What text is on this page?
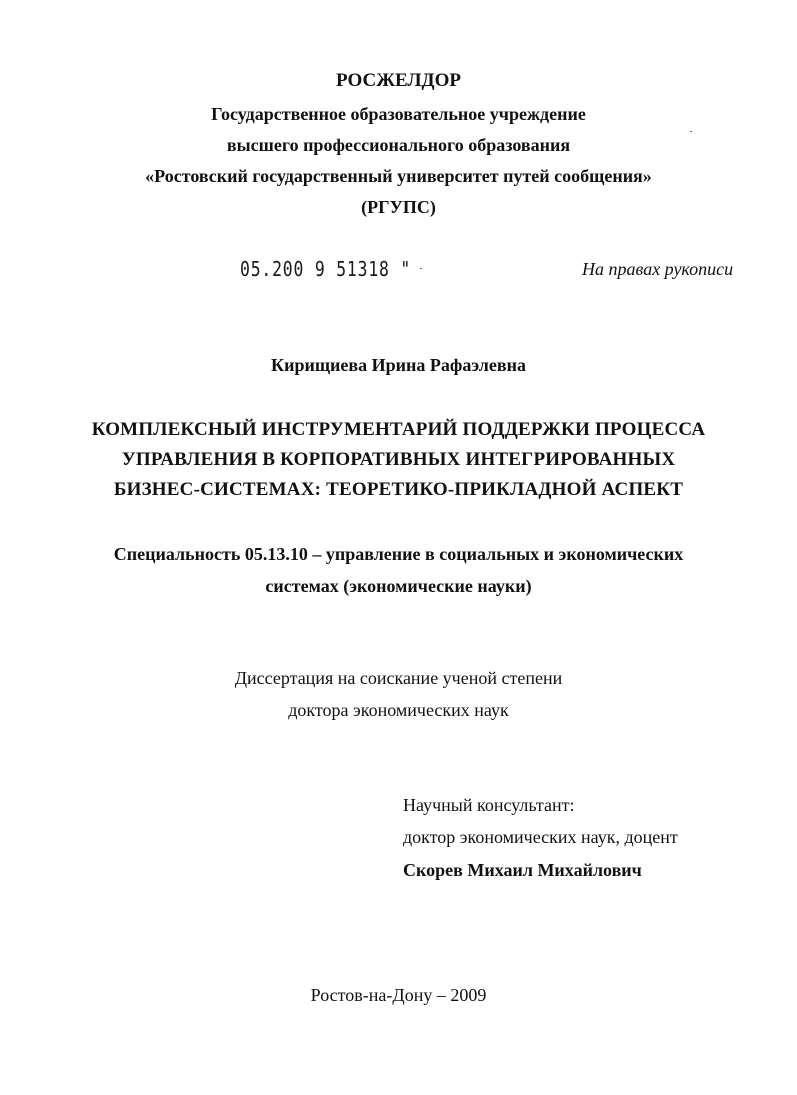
РОСЖЕЛДОР
Государственное образовательное учреждение
высшего профессионального образования
«Ростовский государственный университет путей сообщения»
(РГУПС)
05.200 9 51318 "	На правах рукописи
Кирищиева Ирина Рафаэлевна
КОМПЛЕКСНЫЙ ИНСТРУМЕНТАРИЙ ПОДДЕРЖКИ ПРОЦЕССА
УПРАВЛЕНИЯ В КОРПОРАТИВНЫХ ИНТЕГРИРОВАННЫХ
БИЗНЕС-СИСТЕМАХ: ТЕОРЕТИКО-ПРИКЛАДНОЙ АСПЕКТ
Специальность 05.13.10 – управление в социальных и экономических
системах (экономические науки)
Диссертация на соискание ученой степени
доктора экономических наук
Научный консультант:
доктор экономических наук, доцент
Скорев Михаил Михайлович
Ростов-на-Дону – 2009
